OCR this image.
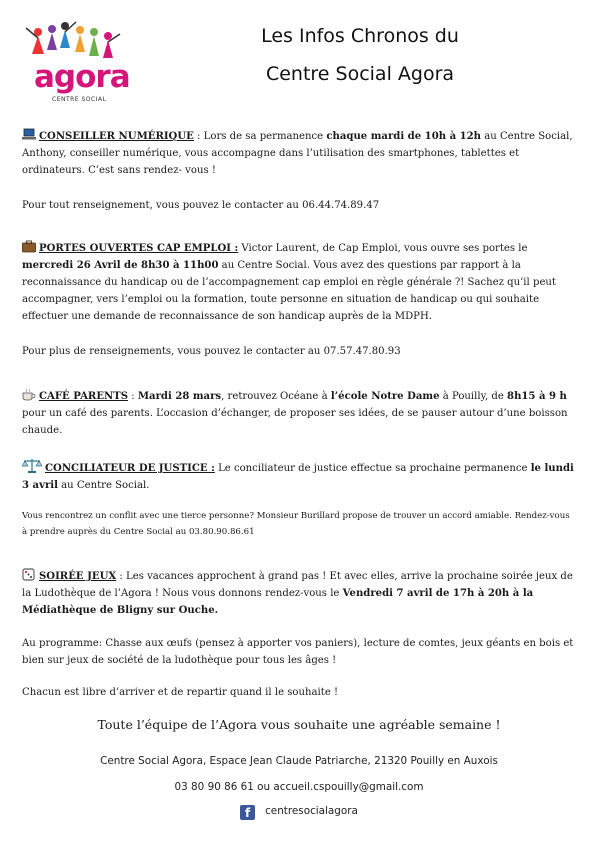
agora
CENTRE SOCIAL
Les Infos Chronos du
Centre Social Agora
CONSEILLER NUMÉRIQUE : Lors de sa permanence chaque mardi de 10h à 12h au Centre Social, Anthony, conseiller numérique, vous accompagne dans l’utilisation des smartphones, tablettes et ordinateurs. C’est sans rendez- vous !
Pour tout renseignement, vous pouvez le contacter au 06.44.74.89.47
PORTES OUVERTES CAP EMPLOI : Victor Laurent, de Cap Emploi, vous ouvre ses portes le mercredi 26 Avril de 8h30 à 11h00 au Centre Social. Vous avez des questions par rapport à la reconnaissance du handicap ou de l’accompagnement cap emploi en règle générale ?! Sachez qu’il peut accompagner, vers l’emploi ou la formation, toute personne en situation de handicap ou qui souhaite effectuer une demande de reconnaissance de son handicap auprès de la MDPH.
Pour plus de renseignements, vous pouvez le contacter au 07.57.47.80.93
CAFÉ PARENTS : Mardi 28 mars, retrouvez Océane à l’école Notre Dame à Pouilly, de 8h15 à 9 h pour un café des parents. L’occasion d’échanger, de proposer ses idées, de se pauser autour d’une boisson chaude.
CONCILIATEUR DE JUSTICE : Le conciliateur de justice effectue sa prochaine permanence le lundi 3 avril au Centre Social.
Vous rencontrez un conflit avec une tierce personne? Monsieur Burillard propose de trouver un accord amiable. Rendez-vous à prendre auprès du Centre Social au 03.80.90.86.61
SOIRÉE JEUX : Les vacances approchent à grand pas ! Et avec elles, arrive la prochaine soirée jeux de la Ludothèque de l’Agora ! Nous vous donnons rendez-vous le Vendredi 7 avril de 17h à 20h à la Médiathèque de Bligny sur Ouche.
Au programme: Chasse aux œufs (pensez à apporter vos paniers), lecture de comtes, jeux géants en bois et bien sur jeux de société de la ludothèque pour tous les âges !
Chacun est libre d’arriver et de repartir quand il le souhaite !
Toute l’équipe de l’Agora vous souhaite une agréable semaine !
Centre Social Agora, Espace Jean Claude Patriarche, 21320 Pouilly en Auxois
03 80 90 86 61 ou accueil.cspouilly@gmail.com
f centresocialagora
